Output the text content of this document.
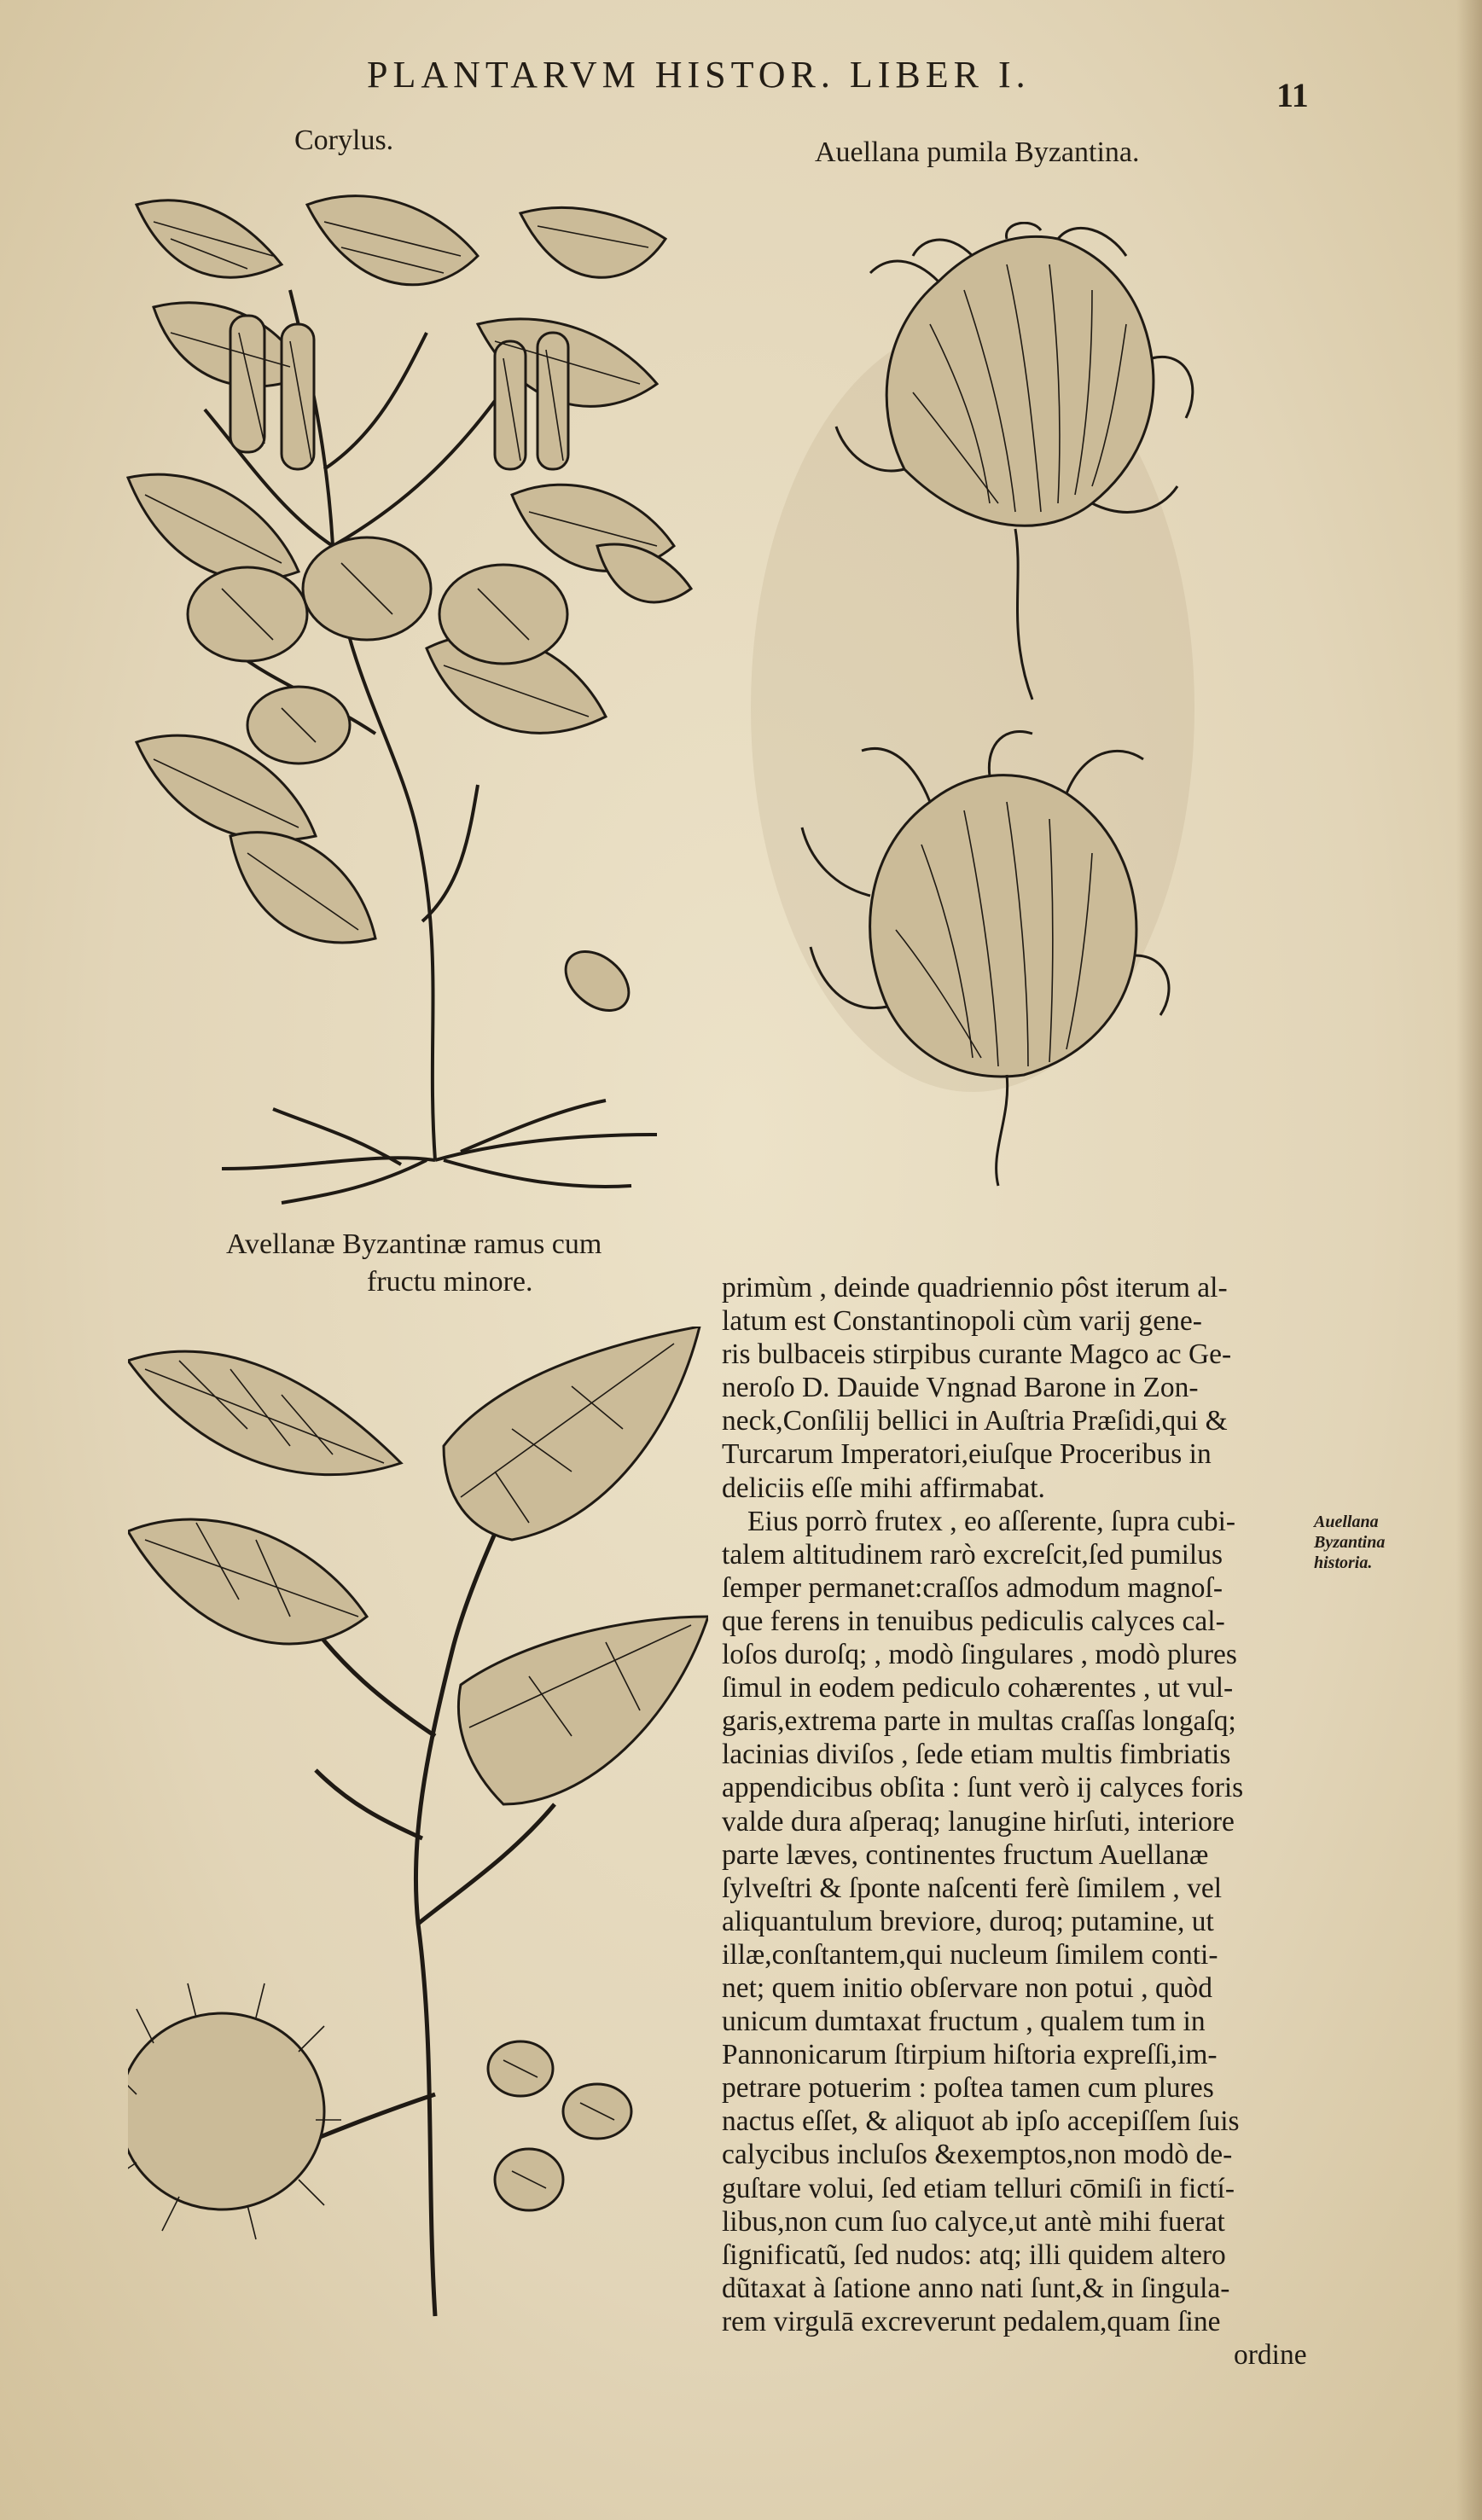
PLANTARVM HISTOR. LIBER I.	11
Corylus.	Auellana pumila Byzantina.
Avellanæ Byzantinæ ramus cum
fructu minore.
Auellana
Byzantina
historia.
primùm , deinde quadriennio pôst iterum al-
latum est Constantinopoli cùm varij gene-
ris bulbaceis stirpibus curante Magco ac Ge-
neroſo D. Dauide Vngnad Barone in Zon-
neck,Conſilij bellici in Auſtria Præſidi,qui &
Turcarum Imperatori,eiuſque Proceribus in
deliciis eſſe mihi affirmabat.
Eius porrò frutex , eo aſſerente, ſupra cubi-
talem altitudinem rarò excreſcit,ſed pumilus
ſemper permanet:craſſos admodum magnoſ-
que ferens in tenuibus pediculis calyces cal-
loſos duroſq; , modò ſingulares , modò plures
ſimul in eodem pediculo cohærentes , ut vul-
garis,extrema parte in multas craſſas longaſq;
lacinias diviſos , ſede etiam multis fimbriatis
appendicibus obſita : ſunt verò ij calyces foris
valde dura aſperaq; lanugine hirſuti, interiore
parte læves, continentes fructum Auellanæ
ſylveſtri & ſponte naſcenti ferè ſimilem , vel
aliquantulum breviore, duroq; putamine, ut
illæ,conſtantem,qui nucleum ſimilem conti-
net; quem initio obſervare non potui , quòd
unicum dumtaxat fructum , qualem tum in
Pannonicarum ſtirpium hiſtoria expreſſi,im-
petrare potuerim : poſtea tamen cum plures
nactus eſſet, & aliquot ab ipſo accepiſſem ſuis
calycibus incluſos &exemptos,non modò de-
guſtare volui, ſed etiam telluri cōmiſi in fictí-
libus,non cum ſuo calyce,ut antè mihi fuerat
ſignificatũ, ſed nudos: atq; illi quidem altero
dũtaxat à ſatione anno nati ſunt,& in ſingula-
rem virgulā excreverunt pedalem,quam ſine
ordine
